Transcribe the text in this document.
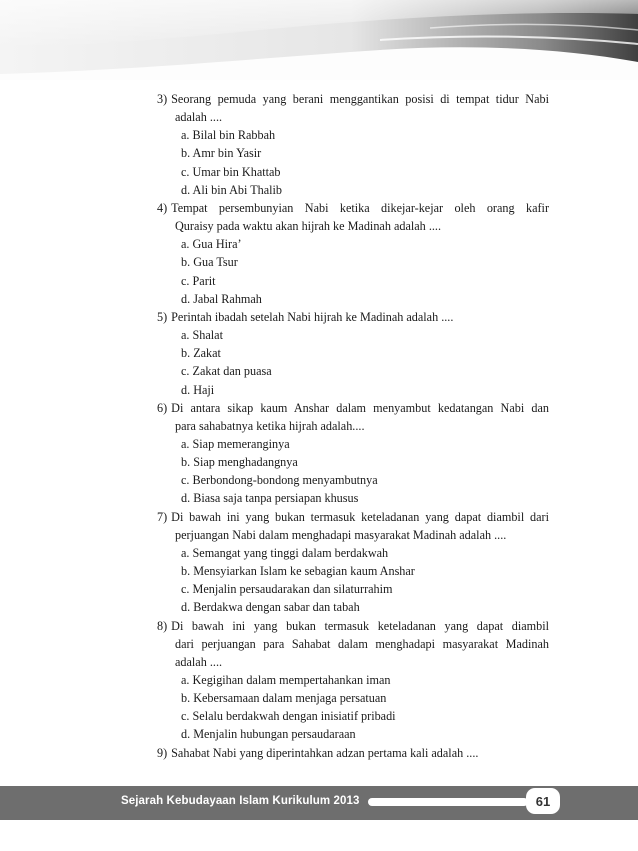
3) Seorang pemuda yang berani menggantikan posisi di tempat tidur Nabi
adalah ....
a. Bilal bin Rabbah
b. Amr bin Yasir
c. Umar bin Khattab
d. Ali bin Abi Thalib
4) Tempat persembunyian Nabi ketika dikejar-kejar oleh orang kafir
Quraisy pada waktu akan hijrah ke Madinah adalah ....
a. Gua Hira’
b. Gua Tsur
c. Parit
d. Jabal Rahmah
5) Perintah ibadah setelah Nabi hijrah ke Madinah adalah ....
a. Shalat
b. Zakat
c. Zakat dan puasa
d. Haji
6) Di antara sikap kaum Anshar dalam menyambut kedatangan Nabi dan
para sahabatnya ketika hijrah adalah....
a. Siap memeranginya
b. Siap menghadangnya
c. Berbondong-bondong menyambutnya
d. Biasa saja tanpa persiapan khusus
7) Di bawah ini yang bukan termasuk keteladanan yang dapat diambil dari
perjuangan Nabi dalam menghadapi masyarakat Madinah adalah ....
a. Semangat yang tinggi dalam berdakwah
b. Mensyiarkan Islam ke sebagian kaum Anshar
c. Menjalin persaudarakan dan silaturrahim
d. Berdakwa dengan sabar dan tabah
8) Di bawah ini yang bukan termasuk keteladanan yang dapat diambil
dari perjuangan para Sahabat dalam menghadapi masyarakat Madinah
adalah ....
a. Kegigihan dalam mempertahankan iman
b. Kebersamaan dalam menjaga persatuan
c. Selalu berdakwah dengan inisiatif pribadi
d. Menjalin hubungan persaudaraan
9) Sahabat Nabi yang diperintahkan adzan pertama kali adalah ....
Sejarah Kebudayaan Islam Kurikulum 2013	61
